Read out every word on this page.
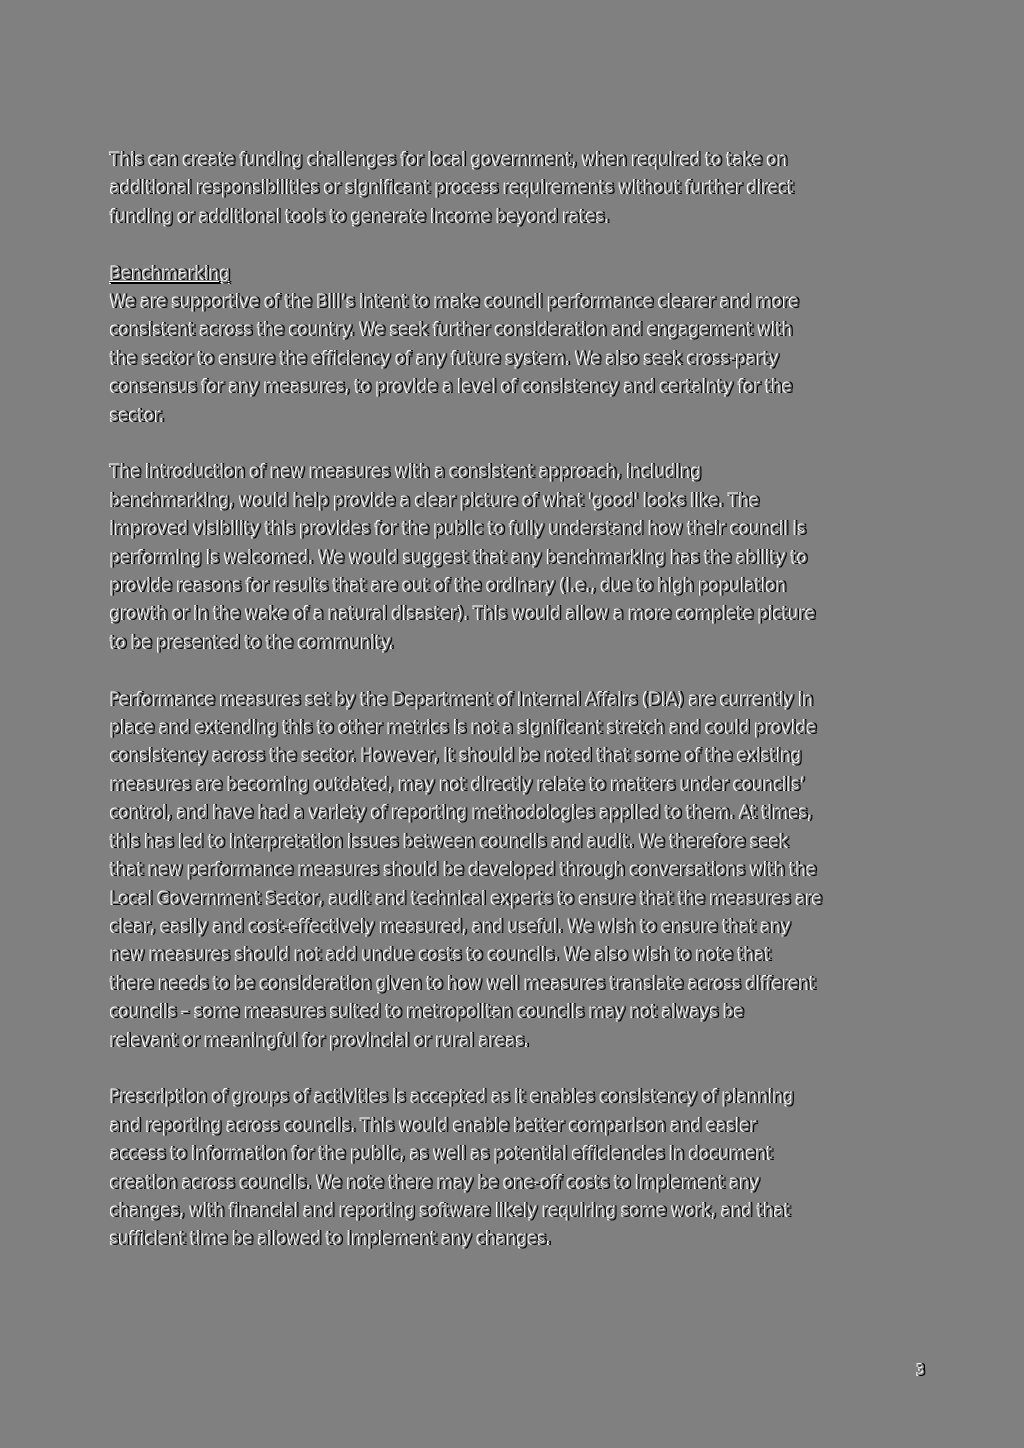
This can create funding challenges for local government, when required to take on
additional responsibilities or significant process requirements without further direct
funding or additional tools to generate income beyond rates.

Benchmarking
We are supportive of the Bill’s intent to make council performance clearer and more
consistent across the country. We seek further consideration and engagement with
the sector to ensure the efficiency of any future system. We also seek cross-party
consensus for any measures, to provide a level of consistency and certainty for the
sector.

The introduction of new measures with a consistent approach, including
benchmarking, would help provide a clear picture of what 'good' looks like. The
improved visibility this provides for the public to fully understand how their council is
performing is welcomed. We would suggest that any benchmarking has the ability to
provide reasons for results that are out of the ordinary (i.e., due to high population
growth or in the wake of a natural disaster). This would allow a more complete picture
to be presented to the community.

Performance measures set by the Department of Internal Affairs (DIA) are currently in
place and extending this to other metrics is not a significant stretch and could provide
consistency across the sector. However, it should be noted that some of the existing
measures are becoming outdated, may not directly relate to matters under councils’
control, and have had a variety of reporting methodologies applied to them. At times,
this has led to interpretation issues between councils and audit. We therefore seek
that new performance measures should be developed through conversations with the
Local Government Sector, audit and technical experts to ensure that the measures are
clear, easily and cost-effectively measured, and useful. We wish to ensure that any
new measures should not add undue costs to councils. We also wish to note that
there needs to be consideration given to how well measures translate across different
councils – some measures suited to metropolitan councils may not always be
relevant or meaningful for provincial or rural areas.

Prescription of groups of activities is accepted as it enables consistency of planning
and reporting across councils. This would enable better comparison and easier
access to information for the public, as well as potential efficiencies in document
creation across councils. We note there may be one-off costs to implement any
changes, with financial and reporting software likely requiring some work, and that
sufficient time be allowed to implement any changes.

3
